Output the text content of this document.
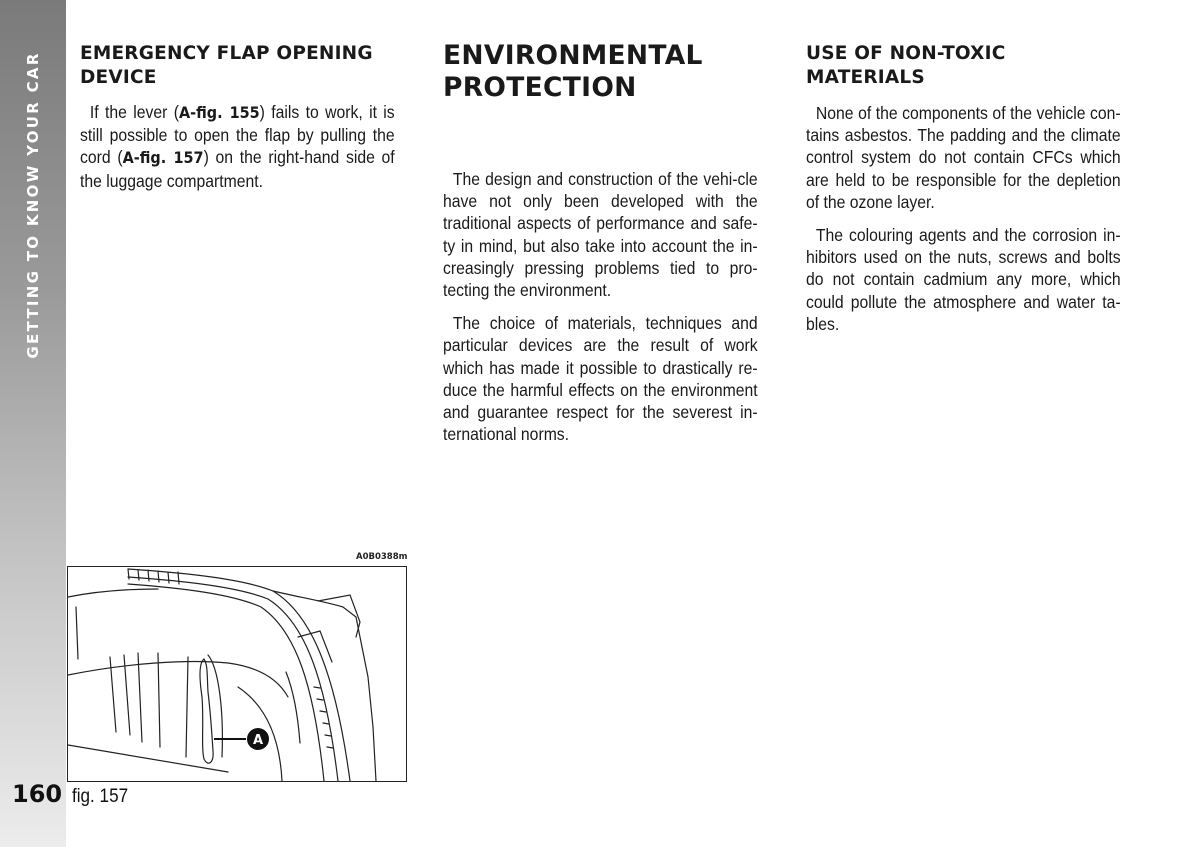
GETTING TO KNOW YOUR CAR
160
EMERGENCY FLAP OPENING DEVICE

If the lever (A-fig. 155) fails to work, it is still possible to open the flap by pulling the cord (A-fig. 157) on the right-hand side of the luggage compartment.

ENVIRONMENTAL PROTECTION

The design and construction of the vehi-cle have not only been developed with the traditional aspects of performance and safe-ty in mind, but also take into account the in-creasingly pressing problems tied to pro-tecting the environment.

The choice of materials, techniques and particular devices are the result of work which has made it possible to drastically re-duce the harmful effects on the environment and guarantee respect for the severest in-ternational norms.

USE OF NON-TOXIC MATERIALS

None of the components of the vehicle con-tains asbestos. The padding and the climate control system do not contain CFCs which are held to be responsible for the depletion of the ozone layer.

The colouring agents and the corrosion in-hibitors used on the nuts, screws and bolts do not contain cadmium any more, which could pollute the atmosphere and water ta-bles.

A0B0388m
A
fig. 157
